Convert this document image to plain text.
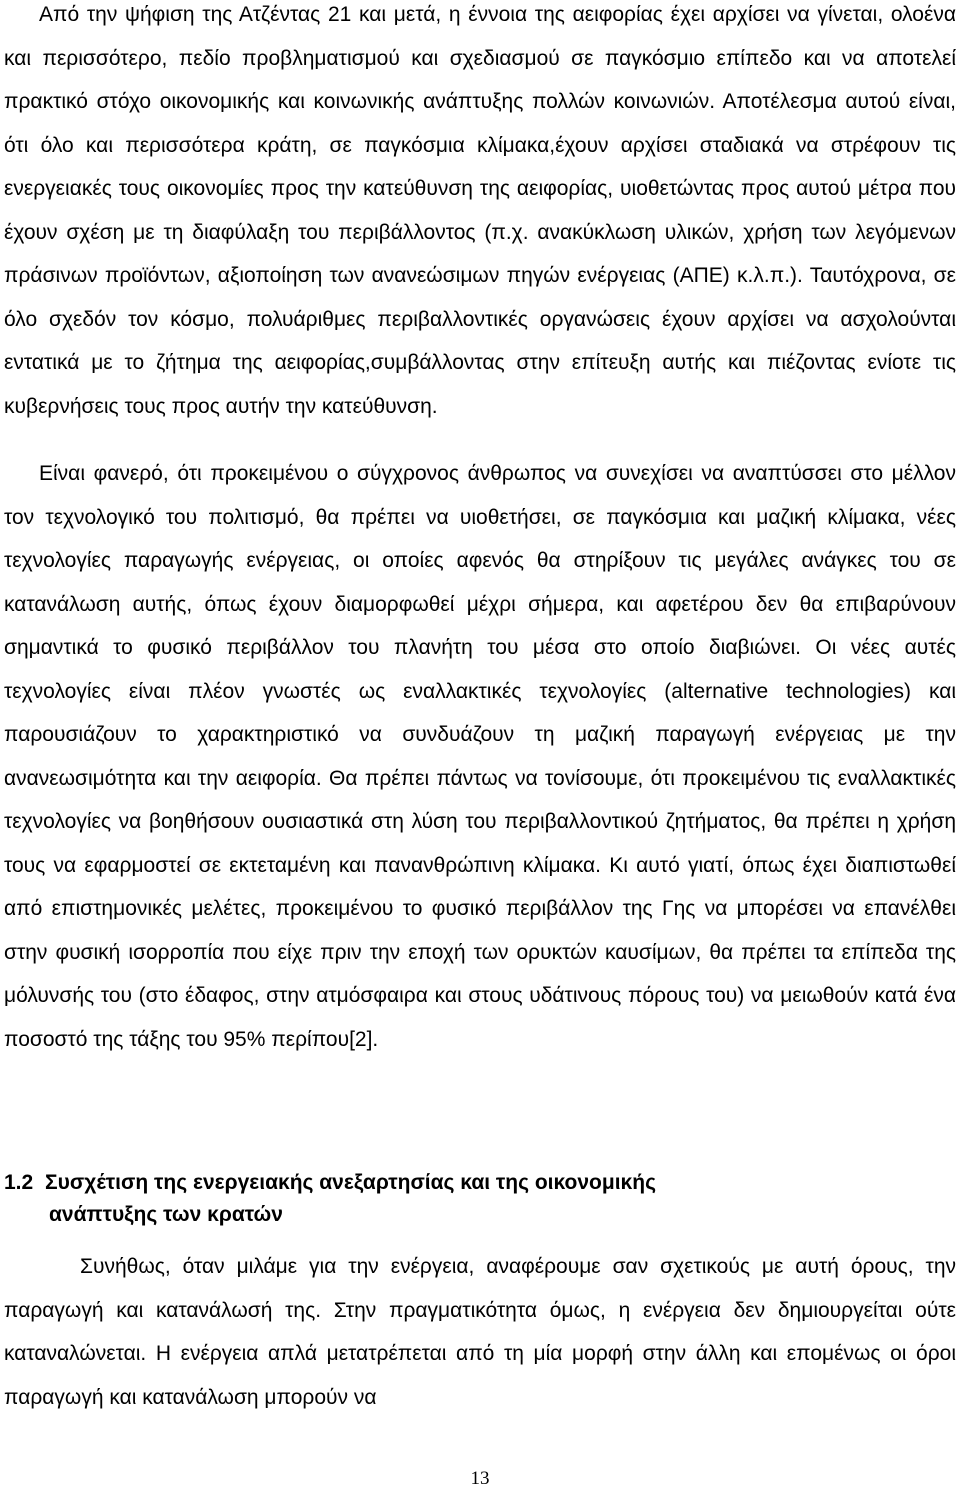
Από την ψήφιση της Ατζέντας 21 και μετά, η έννοια της αειφορίας έχει αρχίσει να γίνεται, ολοένα και περισσότερο, πεδίο προβληματισμού και σχεδιασμού σε παγκόσμιο επίπεδο και να αποτελεί πρακτικό στόχο οικονομικής και κοινωνικής ανάπτυξης πολλών κοινωνιών. Αποτέλεσμα αυτού είναι, ότι όλο και περισσότερα κράτη, σε παγκόσμια κλίμακα,έχουν αρχίσει σταδιακά να στρέφουν τις ενεργειακές τους οικονομίες προς την κατεύθυνση της αειφορίας, υιοθετώντας προς αυτού μέτρα που έχουν σχέση με τη διαφύλαξη του περιβάλλοντος (π.χ. ανακύκλωση υλικών, χρήση των λεγόμενων πράσινων προϊόντων, αξιοποίηση των ανανεώσιμων πηγών ενέργειας (ΑΠΕ) κ.λ.π.). Ταυτόχρονα, σε όλο σχεδόν τον κόσμο, πολυάριθμες περιβαλλοντικές οργανώσεις έχουν αρχίσει να ασχολούνται εντατικά με το ζήτημα της αειφορίας,συμβάλλοντας στην επίτευξη αυτής και πιέζοντας ενίοτε τις κυβερνήσεις τους προς αυτήν την κατεύθυνση.

Είναι φανερό, ότι προκειμένου ο σύγχρονος άνθρωπος να συνεχίσει να αναπτύσσει στο μέλλον τον τεχνολογικό του πολιτισμό, θα πρέπει να υιοθετήσει, σε παγκόσμια και μαζική κλίμακα, νέες τεχνολογίες παραγωγής ενέργειας, οι οποίες αφενός θα στηρίξουν τις μεγάλες ανάγκες του σε κατανάλωση αυτής, όπως έχουν διαμορφωθεί μέχρι σήμερα, και αφετέρου δεν θα επιβαρύνουν σημαντικά το φυσικό περιβάλλον του πλανήτη του μέσα στο οποίο διαβιώνει. Οι νέες αυτές τεχνολογίες είναι πλέον γνωστές ως εναλλακτικές τεχνολογίες (alternative technologies) και παρουσιάζουν το χαρακτηριστικό να συνδυάζουν τη μαζική παραγωγή ενέργειας με την ανανεωσιμότητα και την αειφορία. Θα πρέπει πάντως να τονίσουμε, ότι προκειμένου τις εναλλακτικές τεχνολογίες να βοηθήσουν ουσιαστικά στη λύση του περιβαλλοντικού ζητήματος, θα πρέπει η χρήση τους να εφαρμοστεί σε εκτεταμένη και πανανθρώπινη κλίμακα. Κι αυτό γιατί, όπως έχει διαπιστωθεί από επιστημονικές μελέτες, προκειμένου το φυσικό περιβάλλον της Γης να μπορέσει να επανέλθει στην φυσική ισορροπία που είχε πριν την εποχή των ορυκτών καυσίμων, θα πρέπει τα επίπεδα της μόλυνσής του (στο έδαφος, στην ατμόσφαιρα και στους υδάτινους πόρους του) να μειωθούν κατά ένα ποσοστό της τάξης του 95% περίπου[2].

1.2 Συσχέτιση της ενεργειακής ανεξαρτησίας και της οικονομικής
ανάπτυξης των κρατών

Συνήθως, όταν μιλάμε για την ενέργεια, αναφέρουμε σαν σχετικούς με αυτή όρους, την παραγωγή και κατανάλωσή της. Στην πραγματικότητα όμως, η ενέργεια δεν δημιουργείται ούτε καταναλώνεται. Η ενέργεια απλά μετατρέπεται από τη μία μορφή στην άλλη και επομένως οι όροι παραγωγή και κατανάλωση μπορούν να

13
